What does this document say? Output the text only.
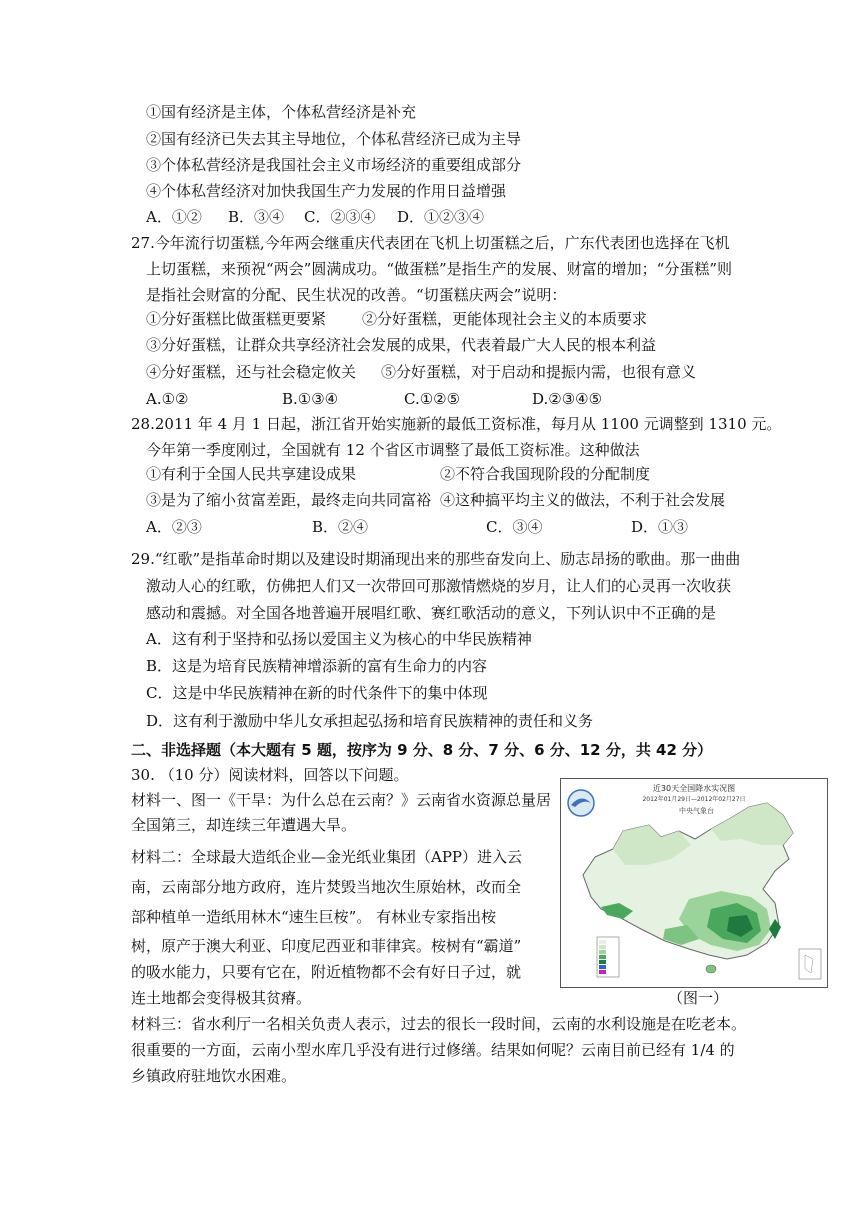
①国有经济是主体，个体私营经济是补充
②国有经济已失去其主导地位，个体私营经济已成为主导
③个体私营经济是我国社会主义市场经济的重要组成部分
④个体私营经济对加快我国生产力发展的作用日益增强
A．①② B．③④ C．②③④ D．①②③④
27.今年流行切蛋糕,今年两会继重庆代表团在飞机上切蛋糕之后，广东代表团也选择在飞机
上切蛋糕，来预祝“两会”圆满成功。“做蛋糕”是指生产的发展、财富的增加；“分蛋糕”则
是指社会财富的分配、民生状况的改善。“切蛋糕庆两会”说明：
①分好蛋糕比做蛋糕更要紧 ②分好蛋糕，更能体现社会主义的本质要求
③分好蛋糕，让群众共享经济社会发展的成果，代表着最广大人民的根本利益
④分好蛋糕，还与社会稳定攸关 ⑤分好蛋糕，对于启动和提振内需，也很有意义
A.①②	B.①③④	C.①②⑤	D.②③④⑤
28.2011 年 4 月 1 日起，浙江省开始实施新的最低工资标准，每月从 1100 元调整到 1310 元。
今年第一季度刚过，全国就有 12 个省区市调整了最低工资标准。这种做法
①有利于全国人民共享建设成果	②不符合我国现阶段的分配制度
③是为了缩小贫富差距，最终走向共同富裕 ④这种搞平均主义的做法，不利于社会发展
A．②③	B．②④	C．③④	D．①③
29.“红歌”是指革命时期以及建设时期涌现出来的那些奋发向上、励志昂扬的歌曲。那一曲曲
激动人心的红歌，仿佛把人们又一次带回可那激情燃烧的岁月，让人们的心灵再一次收获
感动和震撼。对全国各地普遍开展唱红歌、赛红歌活动的意义，下列认识中不正确的是
A．这有利于坚持和弘扬以爱国主义为核心的中华民族精神
B．这是为培育民族精神增添新的富有生命力的内容
C．这是中华民族精神在新的时代条件下的集中体现
D．这有利于激励中华儿女承担起弘扬和培育民族精神的责任和义务
二、非选择题（本大题有 5 题，按序为 9 分、8 分、7 分、6 分、12 分，共 42 分）
30. （10 分）阅读材料，回答以下问题。
材料一、图一《干旱：为什么总在云南？》云南省水资源总量居
全国第三，却连续三年遭遇大旱。
材料二：全球最大造纸企业—金光纸业集团（APP）进入云
南，云南部分地方政府，连片焚毁当地次生原始林，改而全
部种植单一造纸用林木“速生巨桉”。 有林业专家指出桉
树，原产于澳大利亚、印度尼西亚和菲律宾。桉树有“霸道”
的吸水能力，只要有它在，附近植物都不会有好日子过，就
连土地都会变得极其贫瘠。
近30天全国降水实况图
2012年01月29日—2012年02月27日
中央气象台
（图一）
材料三：省水利厅一名相关负责人表示，过去的很长一段时间，云南的水利设施是在吃老本。
很重要的一方面，云南小型水库几乎没有进行过修缮。结果如何呢？云南目前已经有 1/4 的
乡镇政府驻地饮水困难。
